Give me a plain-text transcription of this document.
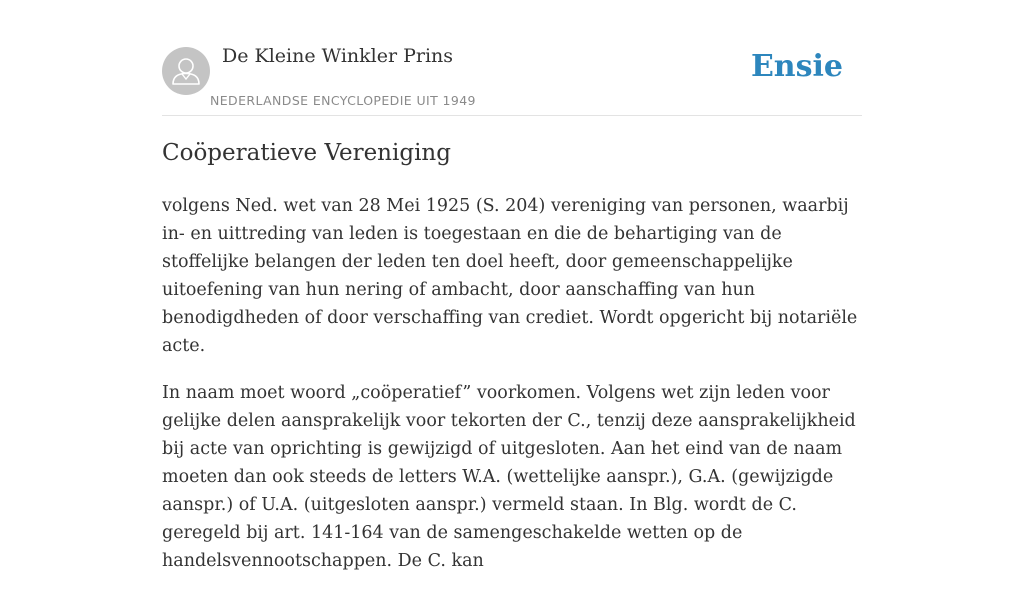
De Kleine Winkler Prins
NEDERLANDSE ENCYCLOPEDIE UIT 1949
Ensie
Coöperatieve Vereniging

volgens Ned. wet van 28 Mei 1925 (S. 204) vereniging van personen, waarbij in- en uittreding van leden is toegestaan en die de behartiging van de stoffelijke belangen der leden ten doel heeft, door gemeenschappelijke uitoefening van hun nering of ambacht, door aanschaffing van hun benodigdheden of door verschaffing van crediet. Wordt opgericht bij notariële acte.

In naam moet woord „coöperatief” voorkomen. Volgens wet zijn leden voor gelijke delen aansprakelijk voor tekorten der C., tenzij deze aansprakelijkheid bij acte van oprichting is gewijzigd of uitgesloten. Aan het eind van de naam moeten dan ook steeds de letters W.A. (wettelijke aanspr.), G.A. (gewijzigde aanspr.) of U.A. (uitgesloten aanspr.) vermeld staan. In Blg. wordt de C. geregeld bij art. 141-164 van de samengeschakelde wetten op de handelsvennootschappen. De C. kan
